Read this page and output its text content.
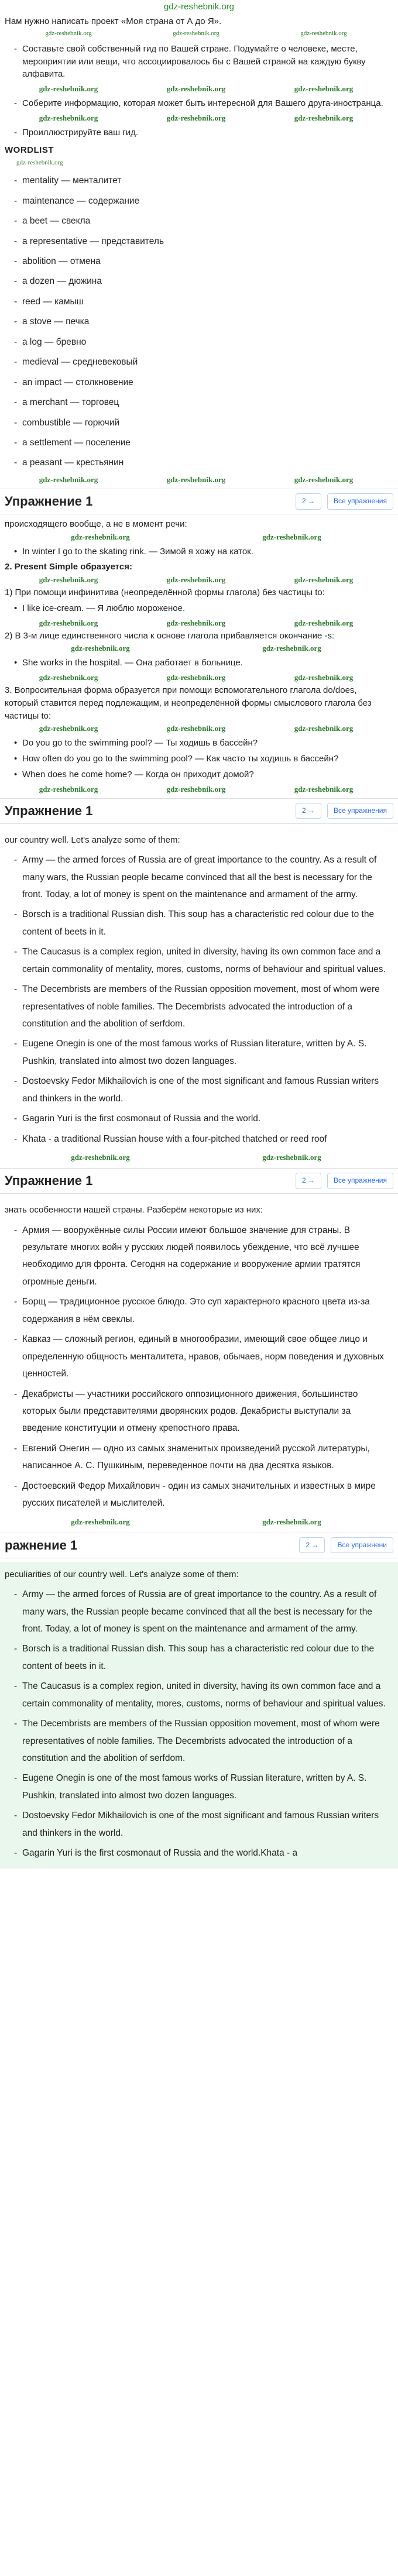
gdz-reshebnik.org

Нам нужно написать проект «Моя страна от А до Я».

gdz-reshebnik.org	gdz-reshebnik.org	gdz-reshebnik.org
- Составьте свой собственный гид по Вашей стране. Подумайте о человеке, месте, мероприятии или вещи, что ассоциировалось бы с Вашей страной на каждую букву алфавита.
gdz-reshebnik.org	gdz-reshebnik.org	gdz-reshebnik.org
- Соберите информацию, которая может быть интересной для Вашего друга-иностранца.
gdz-reshebnik.org	gdz-reshebnik.org	gdz-reshebnik.org
- Проиллюстрируйте ваш гид.
WORDLIST
gdz-reshebnik.org
- mentality — менталитет
- maintenance — содержание
- a beet — свекла
- a representative — представитель
- abolition — отмена
- a dozen — дюжина
- reed — камыш
- a stove — печка
- a log — бревно
- medieval — средневековый
- an impact — столкновение
- a merchant — торговец
- combustible — горючий
- a settlement — поселение
- a peasant — крестьянин
gdz-reshebnik.org	gdz-reshebnik.org	gdz-reshebnik.org
Упражнение 1	2 →	Все упражнения

происходящего вообще, а не в момент речи:

gdz-reshebnik.org	gdz-reshebnik.org
• In winter I go to the skating rink. — Зимой я хожу на каток.

2. Present Simple образуется:

gdz-reshebnik.org	gdz-reshebnik.org	gdz-reshebnik.org

1) При помощи инфинитива (неопределённой формы глагола) без частицы to:

• I like ice-cream. — Я люблю мороженое.
gdz-reshebnik.org	gdz-reshebnik.org	gdz-reshebnik.org

2) В 3-м лице единственного числа к основе глагола прибавляется окончание -s:

gdz-reshebnik.org	gdz-reshebnik.org
• She works in the hospital. — Она работает в больнице.
gdz-reshebnik.org	gdz-reshebnik.org	gdz-reshebnik.org

3. Вопросительная форма образуется при помощи вспомогательного глагола do/does, который ставится перед подлежащим, и неопределённой формы смыслового глагола без частицы to:

gdz-reshebnik.org	gdz-reshebnik.org	gdz-reshebnik.org
• Do you go to the swimming pool? — Ты ходишь в бассейн?
• How often do you go to the swimming pool? — Как часто ты ходишь в бассейн?
• When does he come home? — Когда он приходит домой?
gdz-reshebnik.org	gdz-reshebnik.org	gdz-reshebnik.org
Упражнение 1	2 →	Все упражнения

our country well. Let's analyze some of them:

- Army — the armed forces of Russia are of great importance to the country. As a result of many wars, the Russian people became convinced that all the best is necessary for the front. Today, a lot of money is spent on the maintenance and armament of the army.
- Borsch is a traditional Russian dish. This soup has a characteristic red colour due to the content of beets in it.
- The Caucasus is a complex region, united in diversity, having its own common face and a certain commonality of mentality, mores, customs, norms of behaviour and spiritual values.
- The Decembrists are members of the Russian opposition movement, most of whom were representatives of noble families. The Decembrists advocated the introduction of a constitution and the abolition of serfdom.
- Eugene Onegin is one of the most famous works of Russian literature, written by A. S. Pushkin, translated into almost two dozen languages.
- Dostoevsky Fedor Mikhailovich is one of the most significant and famous Russian writers and thinkers in the world.
- Gagarin Yuri is the first cosmonaut of Russia and the world.
- Khata - a traditional Russian house with a four-pitched thatched or reed roof
gdz-reshebnik.org	gdz-reshebnik.org
Упражнение 1	2 →	Все упражнения

знать особенности нашей страны. Разберём некоторые из них:

- Армия — вооружённые силы России имеют большое значение для страны. В результате многих войн у русских людей появилось убеждение, что всё лучшее необходимо для фронта. Сегодня на содержание и вооружение армии тратятся огромные деньги.
- Борщ — традиционное русское блюдо. Это суп характерного красного цвета из-за содержания в нём свеклы.
- Кавказ — сложный регион, единый в многообразии, имеющий свое общее лицо и определенную общность менталитета, нравов, обычаев, норм поведения и духовных ценностей.
- Декабристы — участники российского оппозиционного движения, большинство которых были представителями дворянских родов. Декабристы выступали за введение конституции и отмену крепостного права.
- Евгений Онегин — одно из самых знаменитых произведений русской литературы, написанное А. С. Пушкиным, переведенное почти на два десятка языков.
- Достоевский Федор Михайлович - один из самых значительных и известных в мире русских писателей и мыслителей.
gdz-reshebnik.org	gdz-reshebnik.org
ражнение 1	2 →	Все упражнени

peculiarities of our country well. Let's analyze some of them:

- Army — the armed forces of Russia are of great importance to the country. As a result of many wars, the Russian people became convinced that all the best is necessary for the front. Today, a lot of money is spent on the maintenance and armament of the army.
- Borsch is a traditional Russian dish. This soup has a characteristic red colour due to the content of beets in it.
- The Caucasus is a complex region, united in diversity, having its own common face and a certain commonality of mentality, mores, customs, norms of behaviour and spiritual values.
- The Decembrists are members of the Russian opposition movement, most of whom were representatives of noble families. The Decembrists advocated the introduction of a constitution and the abolition of serfdom.
- Eugene Onegin is one of the most famous works of Russian literature, written by A. S. Pushkin, translated into almost two dozen languages.
- Dostoevsky Fedor Mikhailovich is one of the most significant and famous Russian writers and thinkers in the world.
- Gagarin Yuri is the first cosmonaut of Russia and the world.Khata - a
